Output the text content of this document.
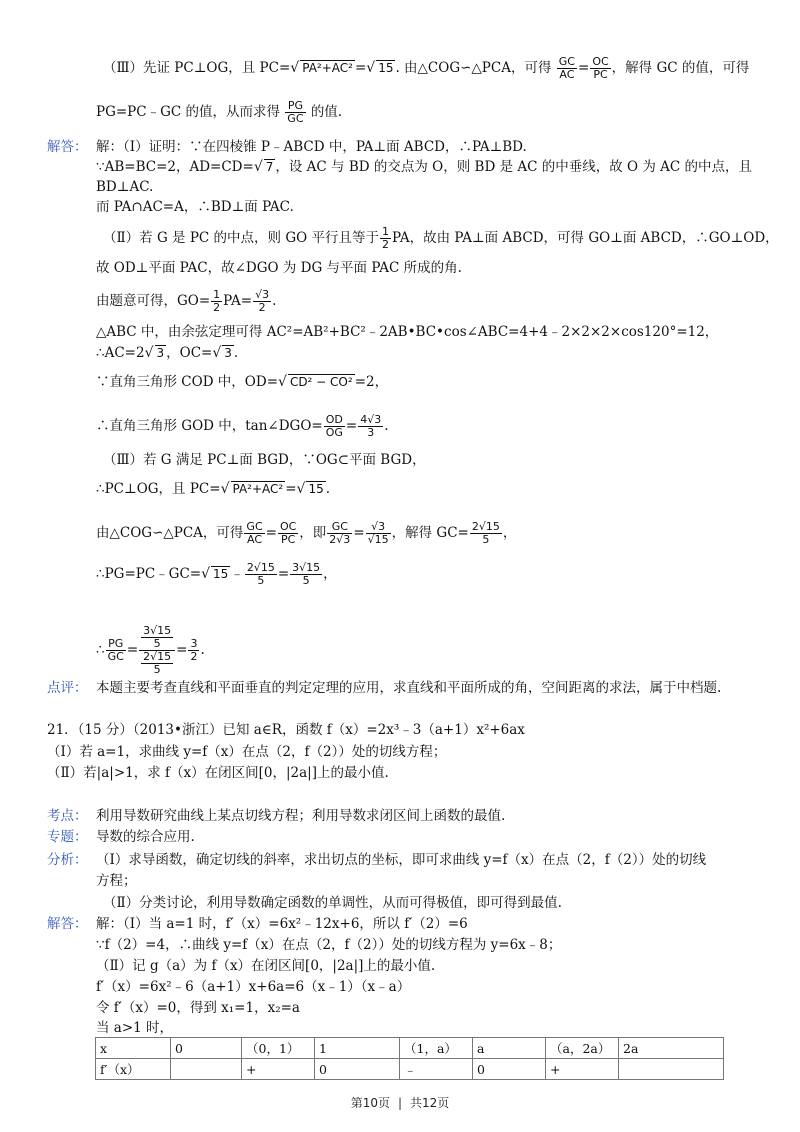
（Ⅲ）先证 PC⊥OG，且 PC=√ PA²+AC² =√ 15 . 由△COG∽△PCA，可得 $\frac{GC}{AC} = \frac{OC}{PC}$ ，解得 GC 的值，可得
PG=PC﹣GC 的值，从而求得 $\frac{PG}{GC}$ 的值.
解答： 解：（Ⅰ）证明：∵在四棱锥 P﹣ABCD 中，PA⊥面 ABCD，∴PA⊥BD.
∵AB=BC=2，AD=CD=√ 7 ，设 AC 与 BD 的交点为 O，则 BD 是 AC 的中垂线，故 O 为 AC 的中点，且
BD⊥AC.
而 PA∩AC=A，∴BD⊥面 PAC.
（Ⅱ）若 G 是 PC 的中点，则 GO 平行且等于 $\frac{1}{2}$ PA，故由 PA⊥面 ABCD，可得 GO⊥面 ABCD，∴GO⊥OD，
故 OD⊥平面 PAC，故∠DGO 为 DG 与平面 PAC 所成的角.
由题意可得，$GO= \frac{1}{2} PA= \frac{√3}{2}$ .
△ABC 中，由余弦定理可得 AC²=AB²+BC²﹣2AB•BC•cos∠ABC=4+4﹣2×2×2×cos120°=12，
∴AC=2√ 3 ，OC=√ 3 .
∵直角三角形 COD 中，OD=√ CD² − CO² =2，
∴直角三角形 GOD 中，tan∠DGO= $\frac{OD}{OG} = \frac{4√3}{3}$ .
（Ⅲ）若 G 满足 PC⊥面 BGD，∵OG⊂平面 BGD，
∴PC⊥OG，且 PC=√ PA²+AC² =√ 15 .
由△COG∽△PCA，可得 $\frac{GC}{AC} = \frac{OC}{PC}$ ，即 $\frac{GC}{2√3} = \frac{√3}{√15}$ ，解得 $GC= \frac{2√15}{5}$ ，
∴PG=PC﹣GC=√ 15 ﹣ $\frac{2√15}{5} = \frac{3√15}{5}$ ，
∴ $\frac{PG}{GC} = \frac{\frac{3√15}{5}}{\frac{2√15}{5}} = \frac{3}{2}$ .
点评： 本题主要考查直线和平面垂直的判定定理的应用，求直线和平面所成的角，空间距离的求法，属于中档题.
21．（15 分）（2013•浙江）已知 a∈R，函数 f（x）=2x³﹣3（a+1）x²+6ax
（Ⅰ）若 a=1，求曲线 y=f（x）在点（2，f（2））处的切线方程；
（Ⅱ）若|a|>1，求 f（x）在闭区间[0，|2a|]上的最小值.
考点： 利用导数研究曲线上某点切线方程；利用导数求闭区间上函数的最值.
专题： 导数的综合应用.
分析： （Ⅰ）求导函数，确定切线的斜率，求出切点的坐标，即可求曲线 y=f（x）在点（2，f（2））处的切线
方程；
（Ⅱ）分类讨论，利用导数确定函数的单调性，从而可得极值，即可得到最值.
解答： 解：（Ⅰ）当 a=1 时，f′（x）=6x²﹣12x+6，所以 f′（2）=6
∵f（2）=4，∴曲线 y=f（x）在点（2，f（2））处的切线方程为 y=6x﹣8；
（Ⅱ）记 g（a）为 f（x）在闭区间[0，|2a|]上的最小值.
f′（x）=6x²﹣6（a+1）x+6a=6（x﹣1）（x﹣a）
令 f′（x）=0，得到 x₁=1，x₂=a
当 a>1 时，
x	0	（0，1）	1	（1，a）	a	（a，2a）	2a
f′（x）		+	0	﹣	0	+	
第10页 | 共12页
